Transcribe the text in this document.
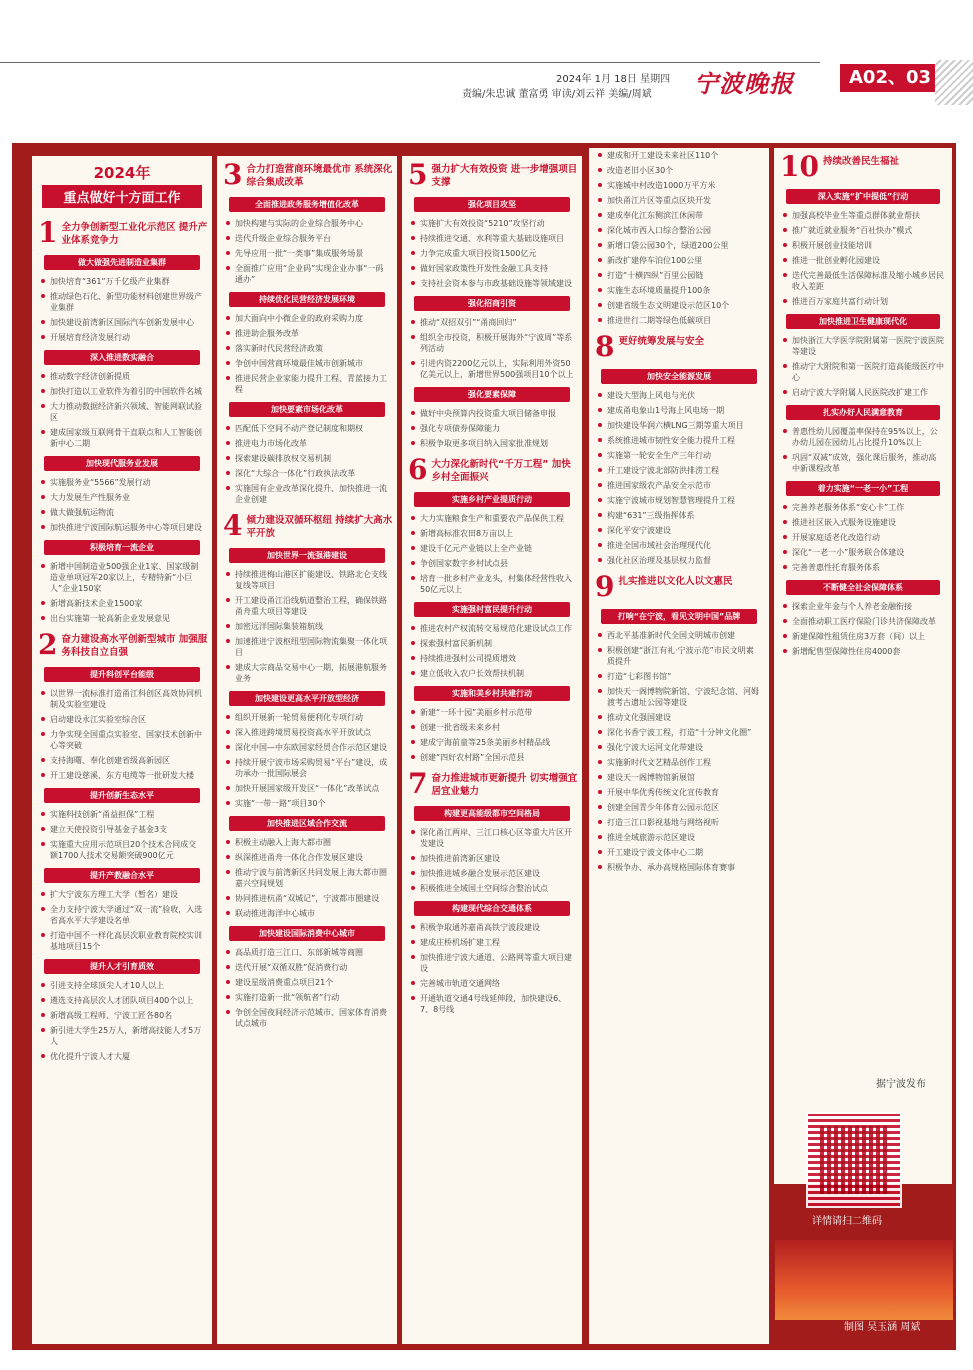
2024年 1月 18日 星期四
责编/朱忠诚 董富勇 审读/刘云祥 美编/周斌 宁波晚报	A02、03
2024年
重点做好十方面工作
1 全力争创新型工业化示范区 提升产业体系竞争力
做大做强先进制造业集群
加快培育“361”万千亿级产业集群
推动绿色石化、新型功能材料创建世界级产业集群
加快建设前湾新区国际汽车创新发展中心
开展培育经济发展行动
深入推进数实融合
推动数字经济创新提质
加快打造以工业软件为着引的中国软件名城
大力推动数据经济新兴领域、智能网联试验区
建成国家级互联网骨干直联点和人工智能创新中心二期
加快现代服务业发展
实施服务业“5566”发展行动
大力发展生产性服务业
做大做强航运物流
加快推进宁波国际航运服务中心等项目建设
积极培育一流企业
新增中国制造业500强企业1家、国家级制造业单项冠军20家以上，专精特新“小巨人”企业150家
新增高新技术企业1500家
出台实施第一轮高新企业发展意见
2 奋力建设高水平创新型城市 加强服务科技自立自强
提升科创平台能级
以世界一流标准打造甬江科创区高效协同机制及实验室建设
启动建设永江实验室综合区
力争实现全国重点实验室、国家技术创新中心等突破
支持海曙、奉化创建省级高新园区
开工建设慈溪、东方电缆等一批研发大楼
提升创新生态水平
实施科技创新“甬益担保”工程
建立天使投资引导基金子基金3支
实施重大应用示范项目20个技术合同成交额1700人技术交易额突破900亿元
提升产教融合水平
扩大宁波东方理工大学（暂名）建设
全力支持宁波大学通过“双一流”验收，入选省高水平大学建设名单
打造中国不一样化高层次职业教育院校实训基地项目15个
提升人才引育质效
引进支持全球顶尖人才10人以上
遴选支持高层次人才团队项目400个以上
新增高级工程师、宁波工匠各80名
新引进大学生25万人，新增高技能人才5万人
优化提升宁波人才大厦
3 合力打造营商环境最优市 系统深化综合集成改革
全面推进政务服务增值化改革
加快构建与实际的企业综合服务中心
迭代升级企业综合服务平台
先导应用一批“一类事”集成服务场景
全面推广应用“企业码”实现企业办事“一码通办”
持续优化民营经济发展环境
加大面向中小微企业的政府采购力度
推进助企服务改革
落实新时代民营经济政策
争创中国营商环境最佳城市创新城市
推进民营企业家能力提升工程、青蓝接力工程
加快要素市场化改革
匹配低下空间不动产登记制度和期权
推进电力市场化改革
探索建设碳排放权交易机制
深化“大综合一体化”行政执法改革
实施国有企业改革深化提升、加快推进一流企业创建
4 倾力建设双循环枢纽 持续扩大高水平开放
加快世界一流强港建设
持续推进梅山港区扩能建设、铁路北仑支线复线等项目
开工建设甬江沿线航道整治工程，确保铁路甬舟重大项目等建设
加密远洋国际集装箱航线
加速推进宁波枢纽型国际物流集聚一体化项目
建成大宗商品交易中心一期，拓展港航服务业务
加快建设更高水平开放型经济
组织开展新一轮贸易便利化专项行动
深入推进跨境贸易投资高水平开放试点
深化中国—中东欧国家经贸合作示范区建设
持续开展宁波市场采购贸易“平台”建设，成功承办一批国际展会
加快开展国家级开发区“一体化”改革试点
实施“一带一路”项目30个
加快推进区域合作交流
积极主动融入上海大都市圈
纵深推进甬舟一体化合作发展区建设
推动宁波与前湾新区共同发展上海大都市圈嘉兴空间规划
协同推进杭甬“双城记”，宁波都市圈建设
联动推进海洋中心城市
加快建设国际消费中心城市
高品质打造三江口、东部新城等商圈
迭代开展“双循双胜”促消费行动
建设星级消费重点项目21个
实施打造新一批“领航者”行动
争创全国夜间经济示范城市、国家体育消费试点城市
5 强力扩大有效投资 进一步增强项目支撑
强化项目攻坚
实施扩大有效投资“5210”攻坚行动
持续推进交通、水利等重大基础设施项目
力争完成重大项目投资1500亿元
做好国家政策性开发性金融工具支持
支持社会资本参与市政基础设施等领域建设
强化招商引资
推动“双招双引”“甬商回归”
组织全市投资，积极开展海外“宁波周”等系列活动
引进内资2200亿元以上，实际利用外资50亿美元以上，新增世界500强项目10个以上
强化要素保障
做好中央预算内投资重大项目储备申报
强化专项债券保障能力
积极争取更多项目纳入国家批准规划
6 大力深化新时代“千万工程” 加快乡村全面振兴
实施乡村产业提质行动
大力实施粮食生产和重要农产品保供工程
新增高标准农田8万亩以上
建设千亿元产业链以上全产业链
争创国家数字乡村试点县
培育一批乡村产业龙头，村集体经营性收入50亿元以上
实施强村富民提升行动
推进农村产权流转交易规范化建设试点工作
探索强村富民新机制
持续推进强村公司提质增效
建立低收入农户长效帮扶机制
实施和美乡村共建行动
新建“一环十园”美丽乡村示范带
创建一批省级未来乡村
建成宁海前童等25条美丽乡村精品线
创建“四好农村路”全国示范县
7 奋力推进城市更新提升 切实增强宜居宜业魅力
构建更高能级都市空间格局
深化甬江两岸、三江口核心区等重大片区开发建设
加快推进前湾新区建设
加快推进城乡融合发展示范区建设
积极推进全域国土空间综合整治试点
构建现代综合交通体系
积极争取通苏嘉甬高铁宁波段建设
建成庄桥机场扩建工程
加快推进宁波大通道、公路网等重大项目建设
完善城市轨道交通网络
开通轨道交通4号线延伸段，加快建设6、7、8号线
建成和开工建设未来社区110个
改造老旧小区30个
实施城中村改造1000万平方米
加快甬江片区等重点区块开发
建成奉化江东侧滨江休闲带
深化城市西入口综合整治公园
新增口袋公园30个，绿道200公里
新改扩建停车泊位100公里
打造“十横四纵”百里公园链
实施生态环境质量提升100条
创建省级生态文明建设示范区10个
推进世行二期等绿色低碳项目
8 更好统筹发展与安全
加快安全能源发展
建设大型海上风电与光伏
建成甬电象山1号海上风电场一期
加快建设华润六横LNG三期等重大项目
系统推进城市韧性安全能力提升工程
实施第一轮安全生产三年行动
开工建设宁波北部防洪排涝工程
推进国家级农产品安全示范市
实施宁波城市规划智慧管理提升工程
构建“631”三级指挥体系
深化平安宁波建设
推进全国市域社会治理现代化
强化社区治理及基层权力监督
9 扎实推进以文化人以文惠民
打响“在宁波，看见文明中国”品牌
西北平基准新时代全国文明城市创建
积极创建“浙江有礼·宁波示范”市民文明素质提升
打造“七彩图书馆”
加快天一阁博物院新馆、宁波纪念馆、河姆渡考古遗址公园等建设
推动文化强国建设
深化书香宁波工程，打造“十分钟文化圈”
强化宁波大运河文化带建设
实施新时代文艺精品创作工程
建设天一阁博物馆新展馆
开展中华优秀传统文化宣传教育
创建全国青少年体育公园示范区
打造三江口影视基地与网络视听
推进全域旅游示范区建设
开工建设宁波文体中心二期
积极争办、承办高规格国际体育赛事
10 持续改善民生福祉
深入实施“扩中提低”行动
加强高校毕业生等重点群体就业帮扶
推广就近就业服务“百社快办”模式
积极开展创业技能培训
推进一批创业孵化园建设
迭代完善最低生活保障标准及缩小城乡居民收入差距
推进百万家庭共富行动计划
加快推进卫生健康现代化
加快浙江大学医学院附属第一医院宁波医院等建设
推动宁大附院和第一医院打造高能级医疗中心
启动宁波大学附属人民医院改扩建工作
扎实办好人民满意教育
普惠性幼儿园覆盖率保持在95%以上，公办幼儿园在园幼儿占比提升10%以上
巩固“双减”成效，强化课后服务，推动高中新课程改革
着力实施“一老一小”工程
完善养老服务体系“安心卡”工作
推进社区嵌入式服务设施建设
开展家庭适老化改造行动
深化“一老一小”服务联合体建设
完善普惠性托育服务体系
不断健全社会保障体系
探索企业年金与个人养老金融衔接
全面推动职工医疗保险门诊共济保障改革
新建保障性租赁住房3万套（间）以上
新增配售型保障性住房4000套
据宁波发布
详情请扫二维码
制图 吴玉涵 周斌
